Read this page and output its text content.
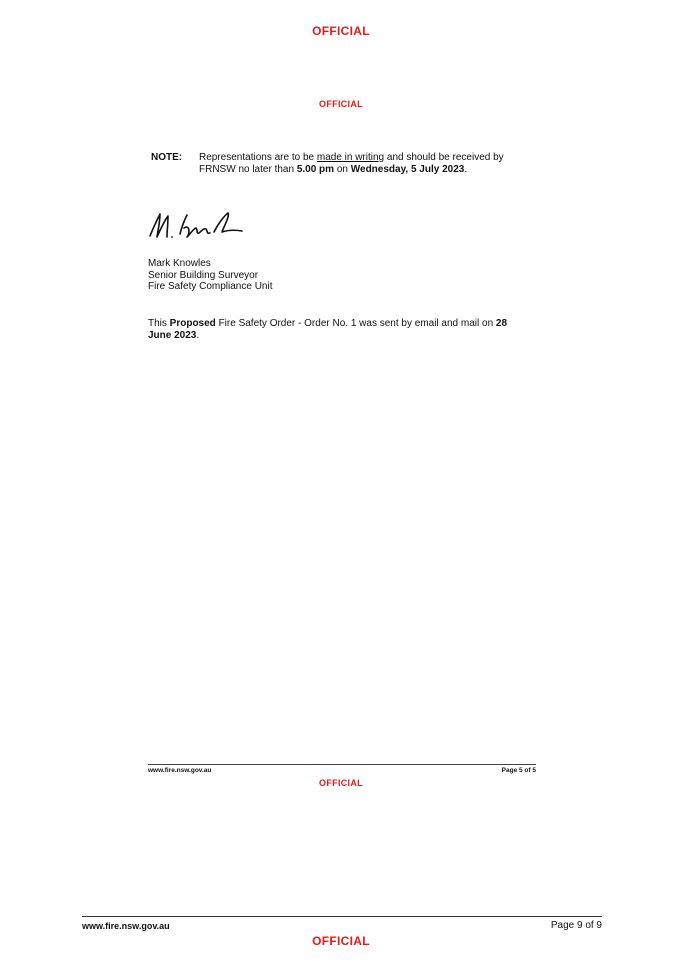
OFFICIAL
OFFICIAL
NOTE: Representations are to be made in writing and should be received by FRNSW no later than 5.00 pm on Wednesday, 5 July 2023.
Mark Knowles
Senior Building Surveyor
Fire Safety Compliance Unit
This Proposed Fire Safety Order - Order No. 1 was sent by email and mail on 28 June 2023.
www.fire.nsw.gov.au	Page 5 of 5
OFFICIAL
www.fire.nsw.gov.au	Page 9 of 9
OFFICIAL
